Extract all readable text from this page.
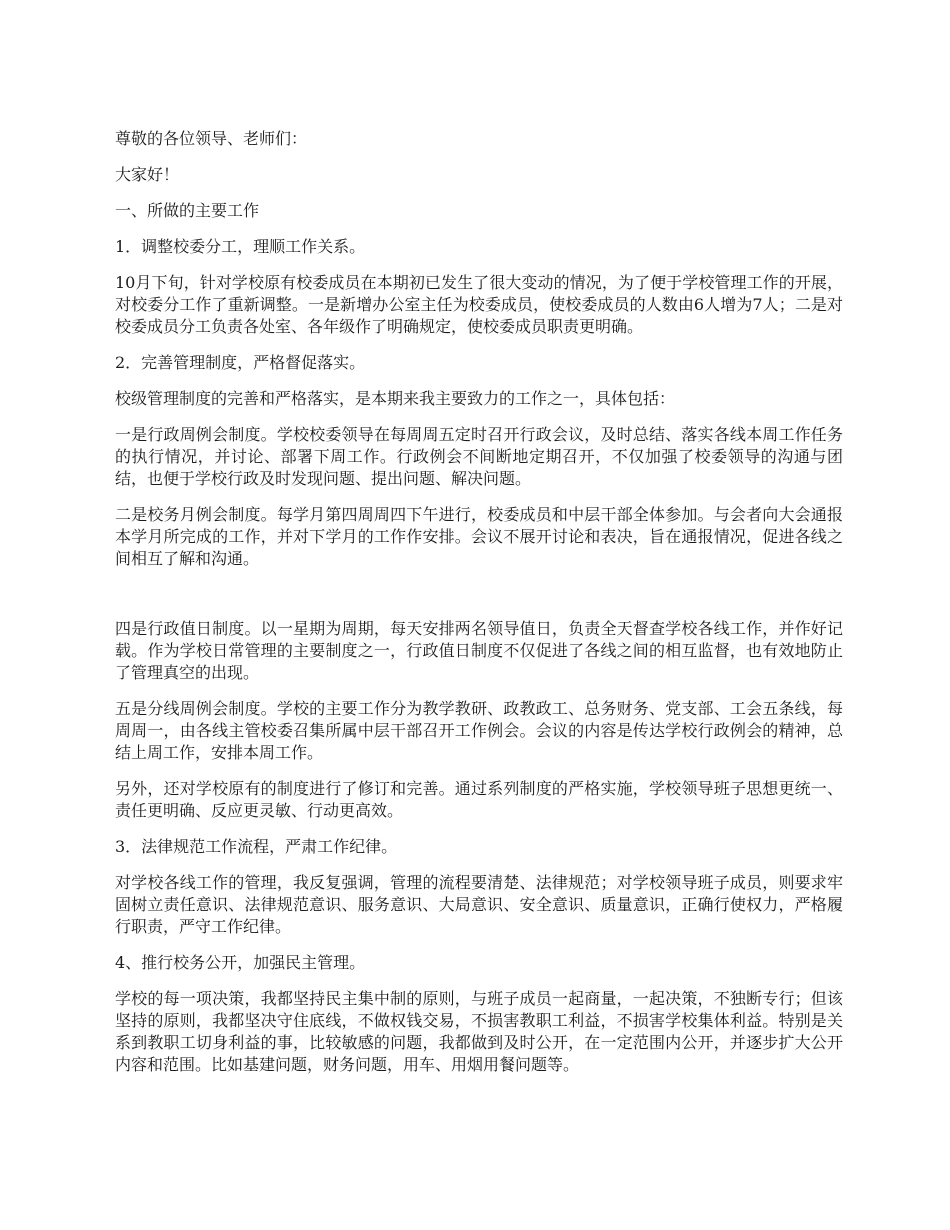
尊敬的各位领导、老师们：

大家好！

一、所做的主要工作

1．调整校委分工，理顺工作关系。

10月下旬，针对学校原有校委成员在本期初已发生了很大变动的情况，为了便于学校管理工作的开展，对校委分工作了重新调整。一是新增办公室主任为校委成员，使校委成员的人数由6人增为7人；二是对校委成员分工负责各处室、各年级作了明确规定，使校委成员职责更明确。

2．完善管理制度，严格督促落实。

校级管理制度的完善和严格落实，是本期来我主要致力的工作之一，具体包括：

一是行政周例会制度。学校校委领导在每周周五定时召开行政会议，及时总结、落实各线本周工作任务的执行情况，并讨论、部署下周工作。行政例会不间断地定期召开，不仅加强了校委领导的沟通与团结，也便于学校行政及时发现问题、提出问题、解决问题。

二是校务月例会制度。每学月第四周周四下午进行，校委成员和中层干部全体参加。与会者向大会通报本学月所完成的工作，并对下学月的工作作安排。会议不展开讨论和表决，旨在通报情况，促进各线之间相互了解和沟通。

四是行政值日制度。以一星期为周期，每天安排两名领导值日，负责全天督查学校各线工作，并作好记载。作为学校日常管理的主要制度之一，行政值日制度不仅促进了各线之间的相互监督，也有效地防止了管理真空的出现。

五是分线周例会制度。学校的主要工作分为教学教研、政教政工、总务财务、党支部、工会五条线，每周周一，由各线主管校委召集所属中层干部召开工作例会。会议的内容是传达学校行政例会的精神，总结上周工作，安排本周工作。

另外，还对学校原有的制度进行了修订和完善。通过系列制度的严格实施，学校领导班子思想更统一、责任更明确、反应更灵敏、行动更高效。

3．法律规范工作流程，严肃工作纪律。

对学校各线工作的管理，我反复强调，管理的流程要清楚、法律规范；对学校领导班子成员，则要求牢固树立责任意识、法律规范意识、服务意识、大局意识、安全意识、质量意识，正确行使权力，严格履行职责，严守工作纪律。

4、推行校务公开，加强民主管理。

学校的每一项决策，我都坚持民主集中制的原则，与班子成员一起商量，一起决策，不独断专行；但该坚持的原则，我都坚决守住底线，不做权钱交易，不损害教职工利益，不损害学校集体利益。特别是关系到教职工切身利益的事，比较敏感的问题，我都做到及时公开，在一定范围内公开，并逐步扩大公开内容和范围。比如基建问题，财务问题，用车、用烟用餐问题等。
